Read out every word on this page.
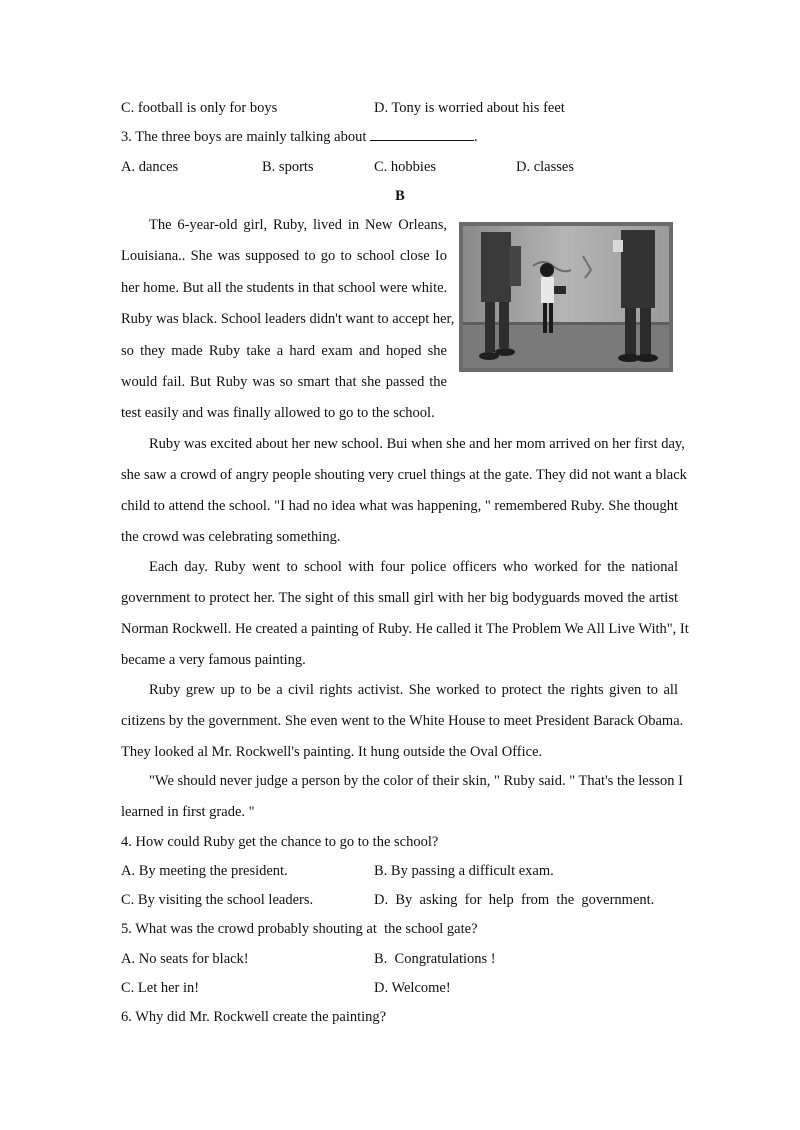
C. football is only for boys	D. Tony is worried about his feet
3. The three boys are mainly talking about	.
A. dances	B. sports	C. hobbies	D. classes
B
The 6-year-old girl, Ruby, lived in New Orleans,
Louisiana.. She was supposed to go to school close Io
her home. But all the students in that school were white.
Ruby was black. School leaders didn't want to accept her,
so they made Ruby take a hard exam and hoped she
would fail. But Ruby was so smart that she passed the
test easily and was finally allowed to go to the school.
Ruby was excited about her new school. Bui when she and her mom arrived on her first day,
she saw a crowd of angry people shouting very cruel things at the gate. They did not want a black
child to attend the school. "I had no idea what was happening, " remembered Ruby. She thought
the crowd was celebrating something.
Each day. Ruby went to school with four police officers who worked for the national
government to protect her. The sight of this small girl with her big bodyguards moved the artist
Norman Rockwell. He created a painting of Ruby. He called it The Problem We All Live With", It
became a very famous painting.
Ruby grew up to be a civil rights activist. She worked to protect the rights given to all
citizens by the government. She even went to the White House to meet President Barack Obama.
They looked al Mr. Rockwell's painting. It hung outside the Oval Office.
"We should never judge a person by the color of their skin, " Ruby said. " That's the lesson I
learned in first grade. "
4. How could Ruby get the chance to go to the school?
A. By meeting the president.	B. By passing a difficult exam.
C. By visiting the school leaders.	D.  By  asking  for  help  from  the  government.
5. What was the crowd probably shouting at  the school gate?
A. No seats for black!	B.  Congratulations !
C. Let her in!	D. Welcome!
6. Why did Mr. Rockwell create the painting?
